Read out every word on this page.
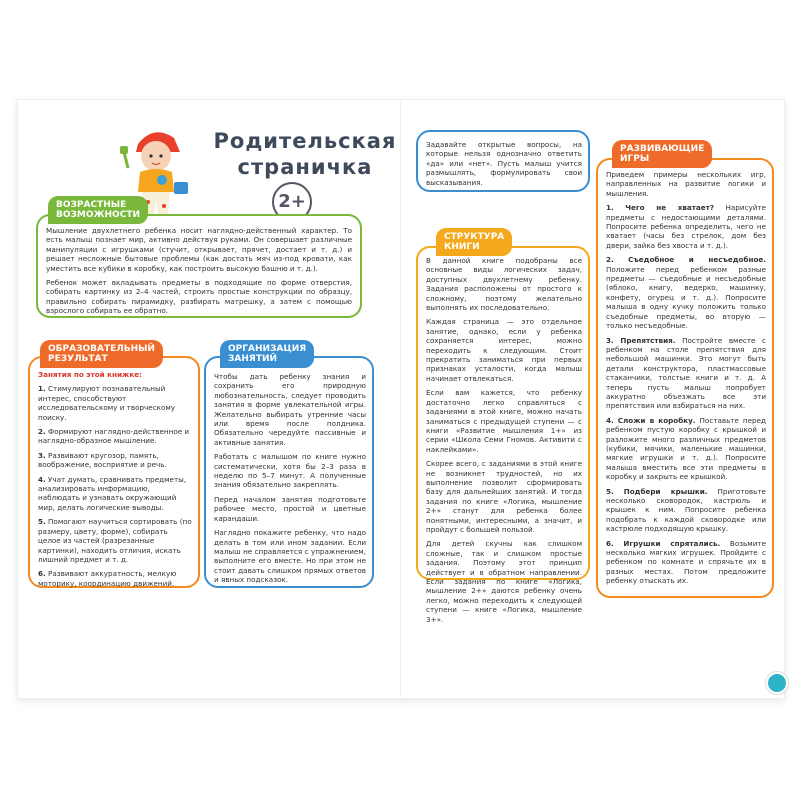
Родительская
страничка
2+
ВОЗРАСТНЫЕ
ВОЗМОЖНОСТИ

Мышление двухлетнего ребенка носит наглядно-действенный характер. То есть малыш познает мир, активно действуя руками. Он совершает различные манипуляции с игрушками (стучит, открывает, прячет, достает и т. д.) и решает несложные бытовые проблемы (как достать мяч из-под кровати, как уместить все кубики в коробку, как построить высокую башню и т. д.).

Ребенок может вкладывать предметы в подходящие по форме отверстия, собирать картинку из 2–4 частей, строить простые конструкции по образцу, правильно собирать пирамидку, разбирать матрешку, а затем с помощью взрослого собирать ее обратно.

ОБРАЗОВАТЕЛЬНЫЙ
РЕЗУЛЬТАТ

Занятия по этой книжке:

1. Стимулируют познавательный интерес, способствуют исследовательскому и творческому поиску.

2. Формируют наглядно-действенное и наглядно-образное мышление.

3. Развивают кругозор, память, воображение, восприятие и речь.

4. Учат думать, сравнивать предметы, анализировать информацию, наблюдать и узнавать окружающий мир, делать логические выводы.

5. Помогают научиться сортировать (по размеру, цвету, форме), собирать целое из частей (разрезанные картинки), находить отличия, искать лишний предмет и т. д.

6. Развивают аккуратность, мелкую моторику, координацию движений.

ОРГАНИЗАЦИЯ
ЗАНЯТИЙ

Чтобы дать ребенку знания и сохранить его природную любознательность, следует проводить занятия в форме увлекательной игры. Желательно выбирать утренние часы или время после полдника. Обязательно чередуйте пассивные и активные занятия.

Работать с малышом по книге нужно систематически, хотя бы 2–3 раза в неделю по 5–7 минут. А полученные знания обязательно закреплять.

Перед началом занятия подготовьте рабочее место, простой и цветные карандаши.

Наглядно покажите ребенку, что надо делать в том или ином задании. Если малыш не справляется с упражнением, выполните его вместе. Но при этом не стоит давать слишком прямых ответов и явных подсказок.

Задавайте открытые вопросы, на которые нельзя однозначно ответить «да» или «нет». Пусть малыш учится размышлять, формулировать свои высказывания.

СТРУКТУРА
КНИГИ

В данной книге подобраны все основные виды логических задач, доступных двухлетнему ребенку. Задания расположены от простого к сложному, поэтому желательно выполнять их последовательно.

Каждая страница — это отдельное занятие, однако, если у ребенка сохраняется интерес, можно переходить к следующим. Стоит прекратить заниматься при первых признаках усталости, когда малыш начинает отвлекаться.

Если вам кажется, что ребенку достаточно легко справляться с заданиями в этой книге, можно начать заниматься с предыдущей ступени — с книги «Развитие мышления 1+» из серии «Школа Семи Гномов. Активити с наклейками».

Скорее всего, с заданиями в этой книге не возникнет трудностей, но их выполнение позволит сформировать базу для дальнейших занятий. И тогда задания по книге «Логика, мышление 2+» станут для ребенка более понятными, интересными, а значит, и пройдут с большей пользой.

Для детей скучны как слишком сложные, так и слишком простые задания. Поэтому этот принцип действует и в обратном направлении. Если задания по книге «Логика, мышление 2+» даются ребенку очень легко, можно переходить к следующей ступени — книге «Логика, мышление 3+».

РАЗВИВАЮЩИЕ
ИГРЫ

Приведем примеры нескольких игр, направленных на развитие логики и мышления.

1. Чего не хватает? Нарисуйте предметы с недостающими деталями. Попросите ребенка определить, чего не хватает (часы без стрелок, дом без двери, зайка без хвоста и т. д.).

2. Съедобное и несъедобное. Положите перед ребенком разные предметы — съедобные и несъедобные (яблоко, книгу, ведерко, машинку, конфету, огурец и т. д.). Попросите малыша в одну кучку положить только съедобные предметы, во вторую — только несъедобные.

3. Препятствия. Постройте вместе с ребенком на столе препятствия для небольшой машинки. Это могут быть детали конструктора, пластмассовые стаканчики, толстые книги и т. д. А теперь пусть малыш попробует аккуратно объезжать все эти препятствия или взбираться на них.

4. Сложи в коробку. Поставьте перед ребенком пустую коробку с крышкой и разложите много различных предметов (кубики, мячики, маленькие машинки, мягкие игрушки и т. д.). Попросите малыша вместить все эти предметы в коробку и закрыть ее крышкой.

5. Подбери крышки. Приготовьте несколько сковородок, кастрюль и крышек к ним. Попросите ребенка подобрать к каждой сковородке или кастрюле подходящую крышку.

6. Игрушки спрятались. Возьмите несколько мягких игрушек. Пройдите с ребенком по комнате и спрячьте их в разных местах. Потом предложите ребенку отыскать их.
